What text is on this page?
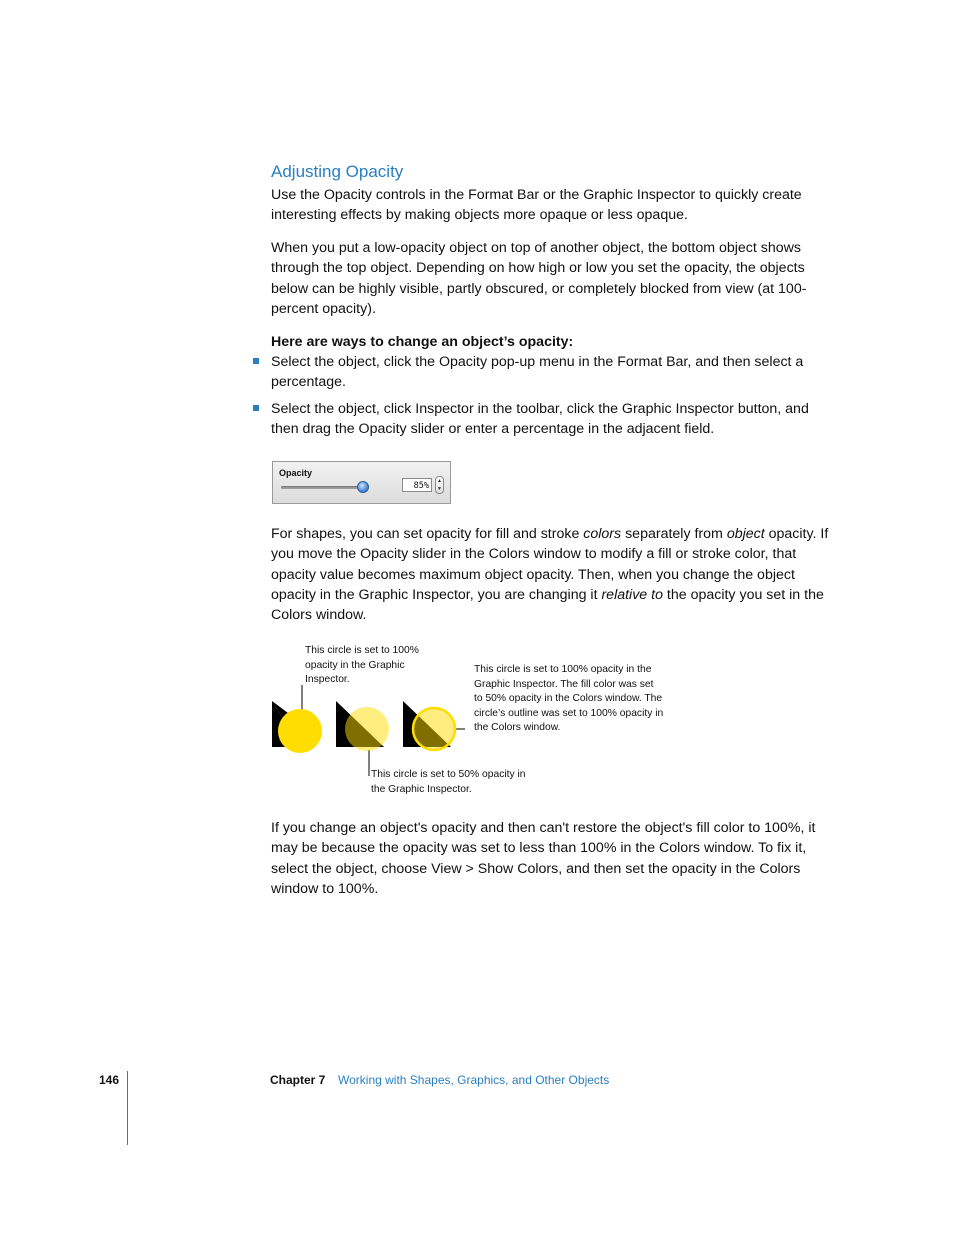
Adjusting Opacity

Use the Opacity controls in the Format Bar or the Graphic Inspector to quickly create interesting effects by making objects more opaque or less opaque.

When you put a low-opacity object on top of another object, the bottom object shows through the top object. Depending on how high or low you set the opacity, the objects below can be highly visible, partly obscured, or completely blocked from view (at 100-percent opacity).

Here are ways to change an object’s opacity:

Select the object, click the Opacity pop-up menu in the Format Bar, and then select a percentage.
Select the object, click Inspector in the toolbar, click the Graphic Inspector button, and then drag the Opacity slider or enter a percentage in the adjacent field.
Opacity
85%	▲
▼

For shapes, you can set opacity for fill and stroke colors separately from object opacity. If you move the Opacity slider in the Colors window to modify a fill or stroke color, that opacity value becomes maximum object opacity. Then, when you change the object opacity in the Graphic Inspector, you are changing it relative to the opacity you set in the Colors window.

This circle is set to 100% opacity in the Graphic Inspector.
This circle is set to 100% opacity in the Graphic Inspector. The fill color was set to 50% opacity in the Colors window. The circle’s outline was set to 100% opacity in the Colors window.
This circle is set to 50% opacity in the Graphic Inspector.

If you change an object's opacity and then can't restore the object's fill color to 100%, it may be because the opacity was set to less than 100% in the Colors window. To fix it, select the object, choose View > Show Colors, and then set the opacity in the Colors window to 100%.

146	Chapter 7 Working with Shapes, Graphics, and Other Objects
